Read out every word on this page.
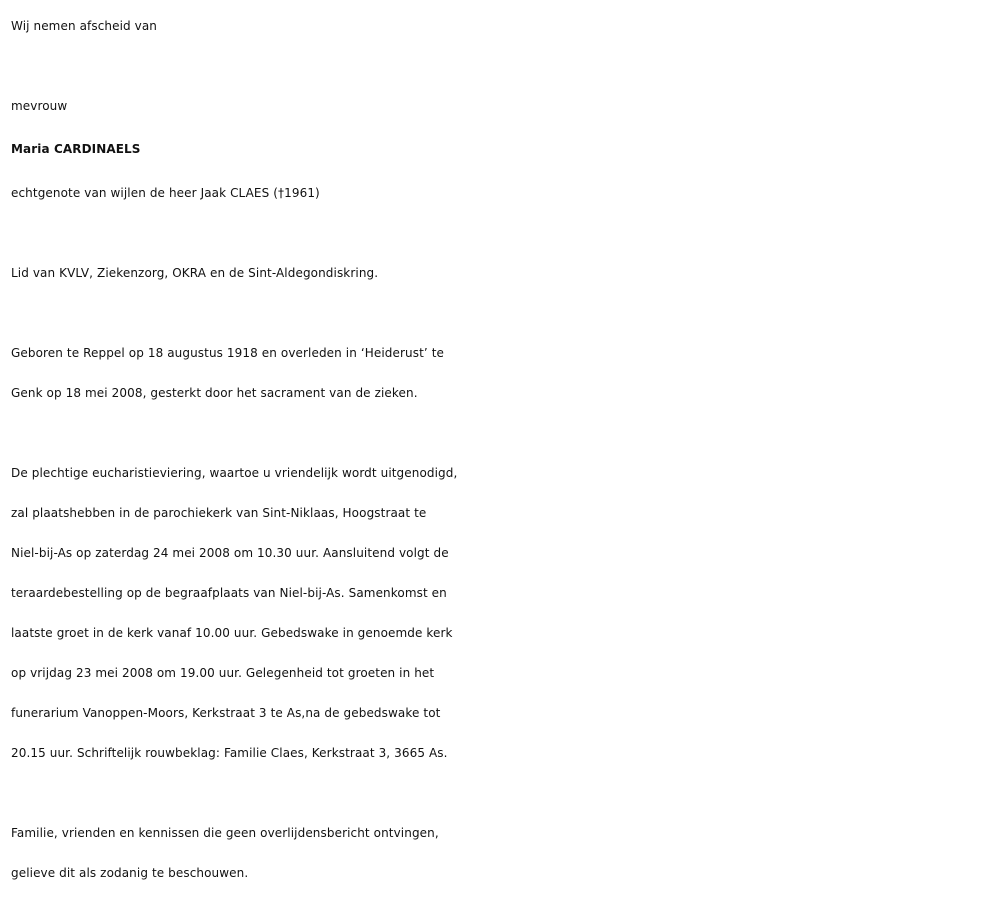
Wij nemen afscheid van
mevrouw
Maria CARDINAELS
echtgenote van wijlen de heer Jaak CLAES (†1961)
Lid van KVLV, Ziekenzorg, OKRA en de Sint-Aldegondiskring.
Geboren te Reppel op 18 augustus 1918 en overleden in ‘Heiderust’ te
Genk op 18 mei 2008, gesterkt door het sacrament van de zieken.
De plechtige eucharistieviering, waartoe u vriendelijk wordt uitgenodigd,
zal plaatshebben in de parochiekerk van Sint-Niklaas, Hoogstraat te
Niel-bij-As op zaterdag 24 mei 2008 om 10.30 uur. Aansluitend volgt de
teraardebestelling op de begraafplaats van Niel-bij-As. Samenkomst en
laatste groet in de kerk vanaf 10.00 uur. Gebedswake in genoemde kerk
op vrijdag 23 mei 2008 om 19.00 uur. Gelegenheid tot groeten in het
funerarium Vanoppen-Moors, Kerkstraat 3 te As,na de gebedswake tot
20.15 uur. Schriftelijk rouwbeklag: Familie Claes, Kerkstraat 3, 3665 As.
Familie, vrienden en kennissen die geen overlijdensbericht ontvingen,
gelieve dit als zodanig te beschouwen.
